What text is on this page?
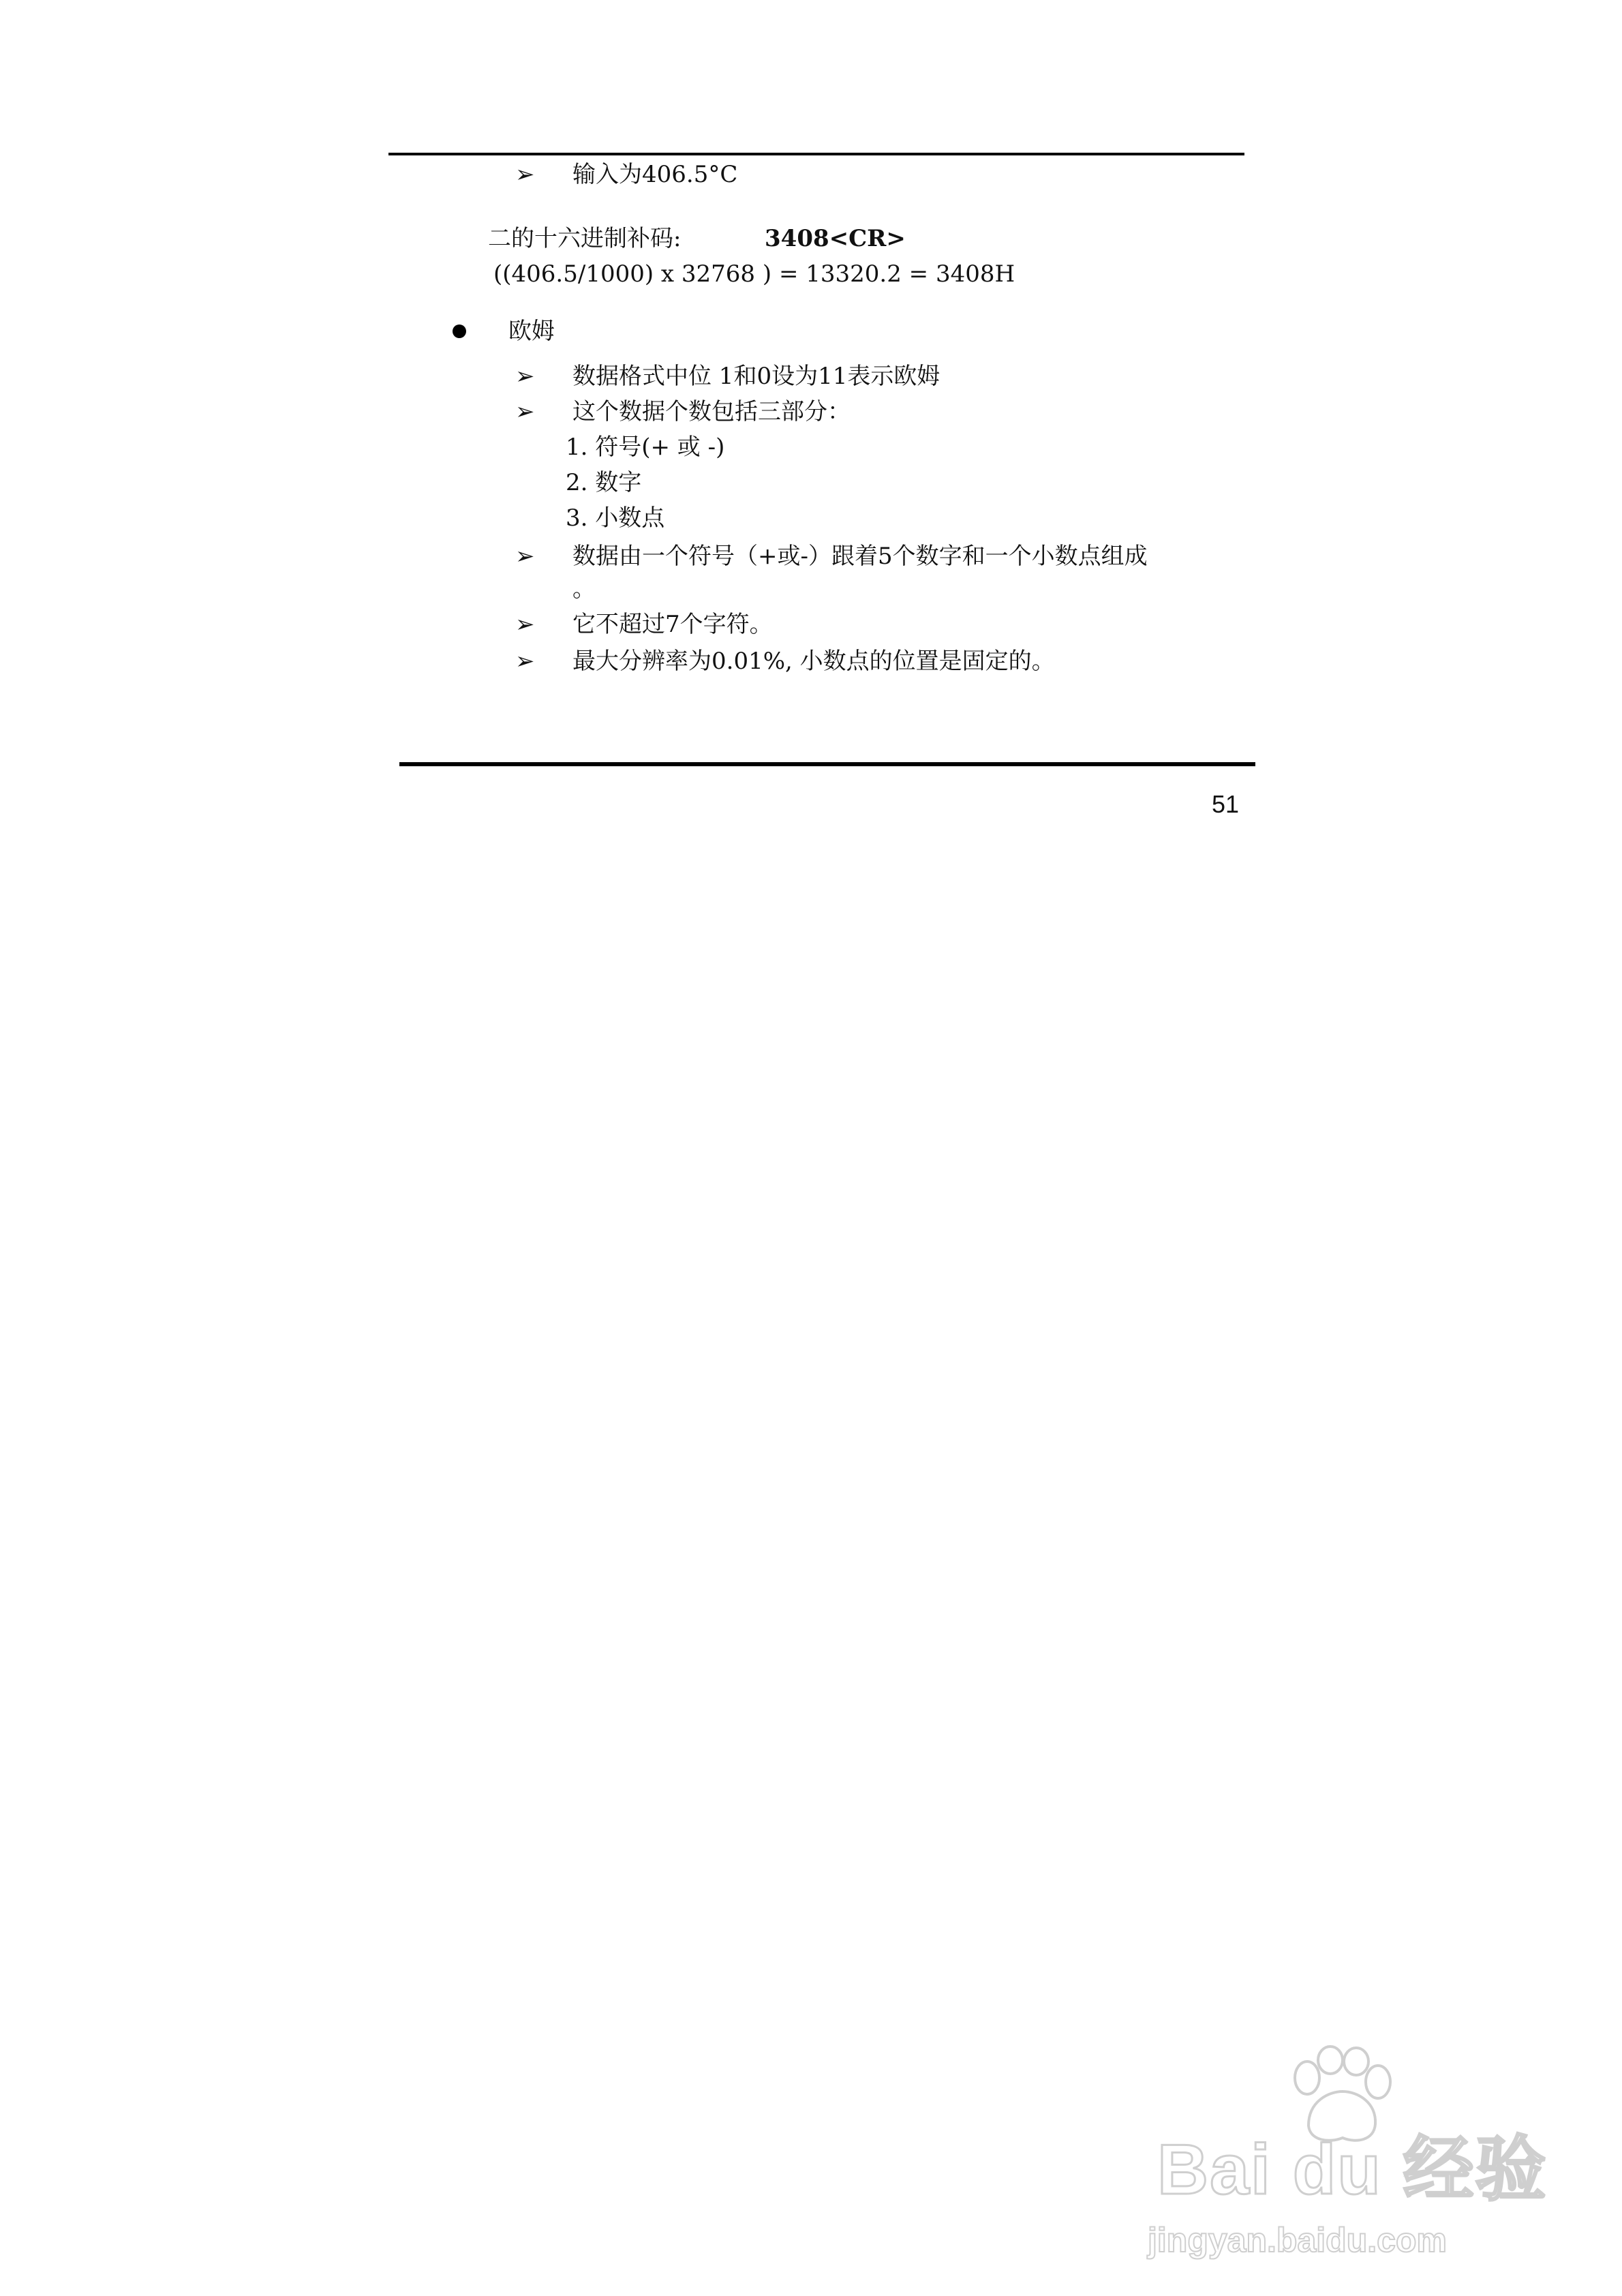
➢ 输入为406.5°C
二的十六进制补码:	3408<CR>
((406.5/1000) x 32768 ) = 13320.2 = 3408H
欧姆
➢ 数据格式中位 1和0设为11表示欧姆
➢ 这个数据个数包括三部分：
1. 符号(+ 或 -)
2. 数字
3. 小数点
➢ 数据由一个符号（+或-）跟着5个数字和一个小数点组成
。
➢ 它不超过7个字符。
➢ 最大分辨率为0.01%, 小数点的位置是固定的。
51
Bai du 经验
jingyan.baidu.com
